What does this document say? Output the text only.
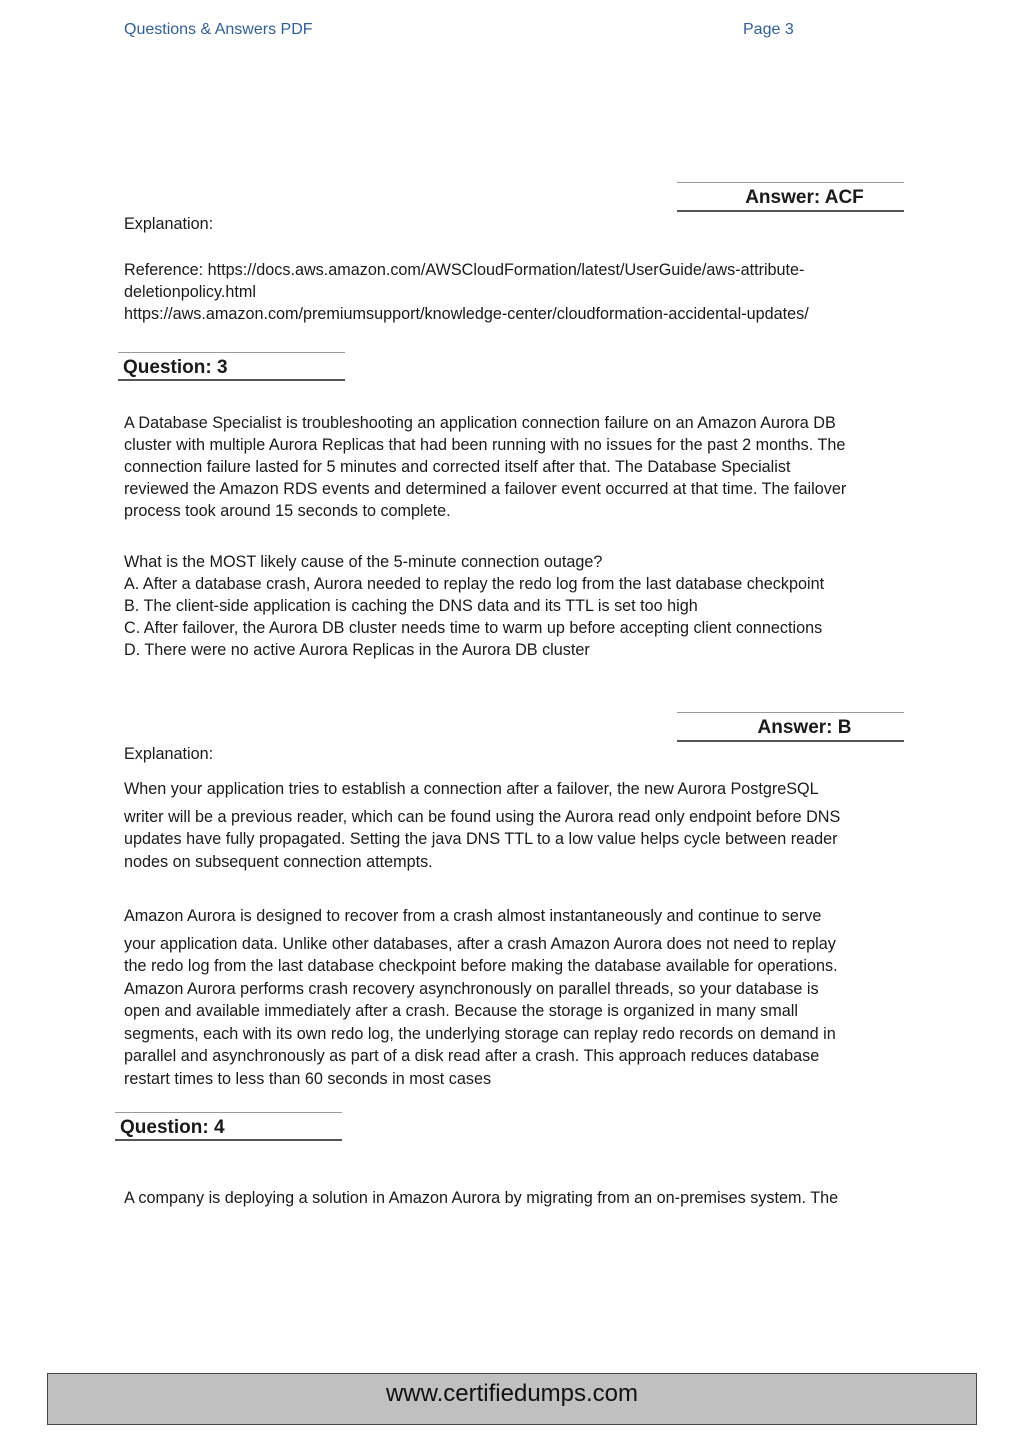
Questions & Answers PDF	Page 3
Answer: ACF
Explanation:
Reference: https://docs.aws.amazon.com/AWSCloudFormation/latest/UserGuide/aws-attribute-
deletionpolicy.html
https://aws.amazon.com/premiumsupport/knowledge-center/cloudformation-accidental-updates/
Question: 3
A Database Specialist is troubleshooting an application connection failure on an Amazon Aurora DB
cluster with multiple Aurora Replicas that had been running with no issues for the past 2 months. The
connection failure lasted for 5 minutes and corrected itself after that. The Database Specialist
reviewed the Amazon RDS events and determined a failover event occurred at that time. The failover
process took around 15 seconds to complete.
What is the MOST likely cause of the 5-minute connection outage?
A. After a database crash, Aurora needed to replay the redo log from the last database checkpoint
B. The client-side application is caching the DNS data and its TTL is set too high
C. After failover, the Aurora DB cluster needs time to warm up before accepting client connections
D. There were no active Aurora Replicas in the Aurora DB cluster
Answer: B
Explanation:
When your application tries to establish a connection after a failover, the new Aurora PostgreSQL
writer will be a previous reader, which can be found using the Aurora read only endpoint before DNS
updates have fully propagated. Setting the java DNS TTL to a low value helps cycle between reader
nodes on subsequent connection attempts.
Amazon Aurora is designed to recover from a crash almost instantaneously and continue to serve
your application data. Unlike other databases, after a crash Amazon Aurora does not need to replay
the redo log from the last database checkpoint before making the database available for operations.
Amazon Aurora performs crash recovery asynchronously on parallel threads, so your database is
open and available immediately after a crash. Because the storage is organized in many small
segments, each with its own redo log, the underlying storage can replay redo records on demand in
parallel and asynchronously as part of a disk read after a crash. This approach reduces database
restart times to less than 60 seconds in most cases
Question: 4
A company is deploying a solution in Amazon Aurora by migrating from an on-premises system. The
www.certifiedumps.com
